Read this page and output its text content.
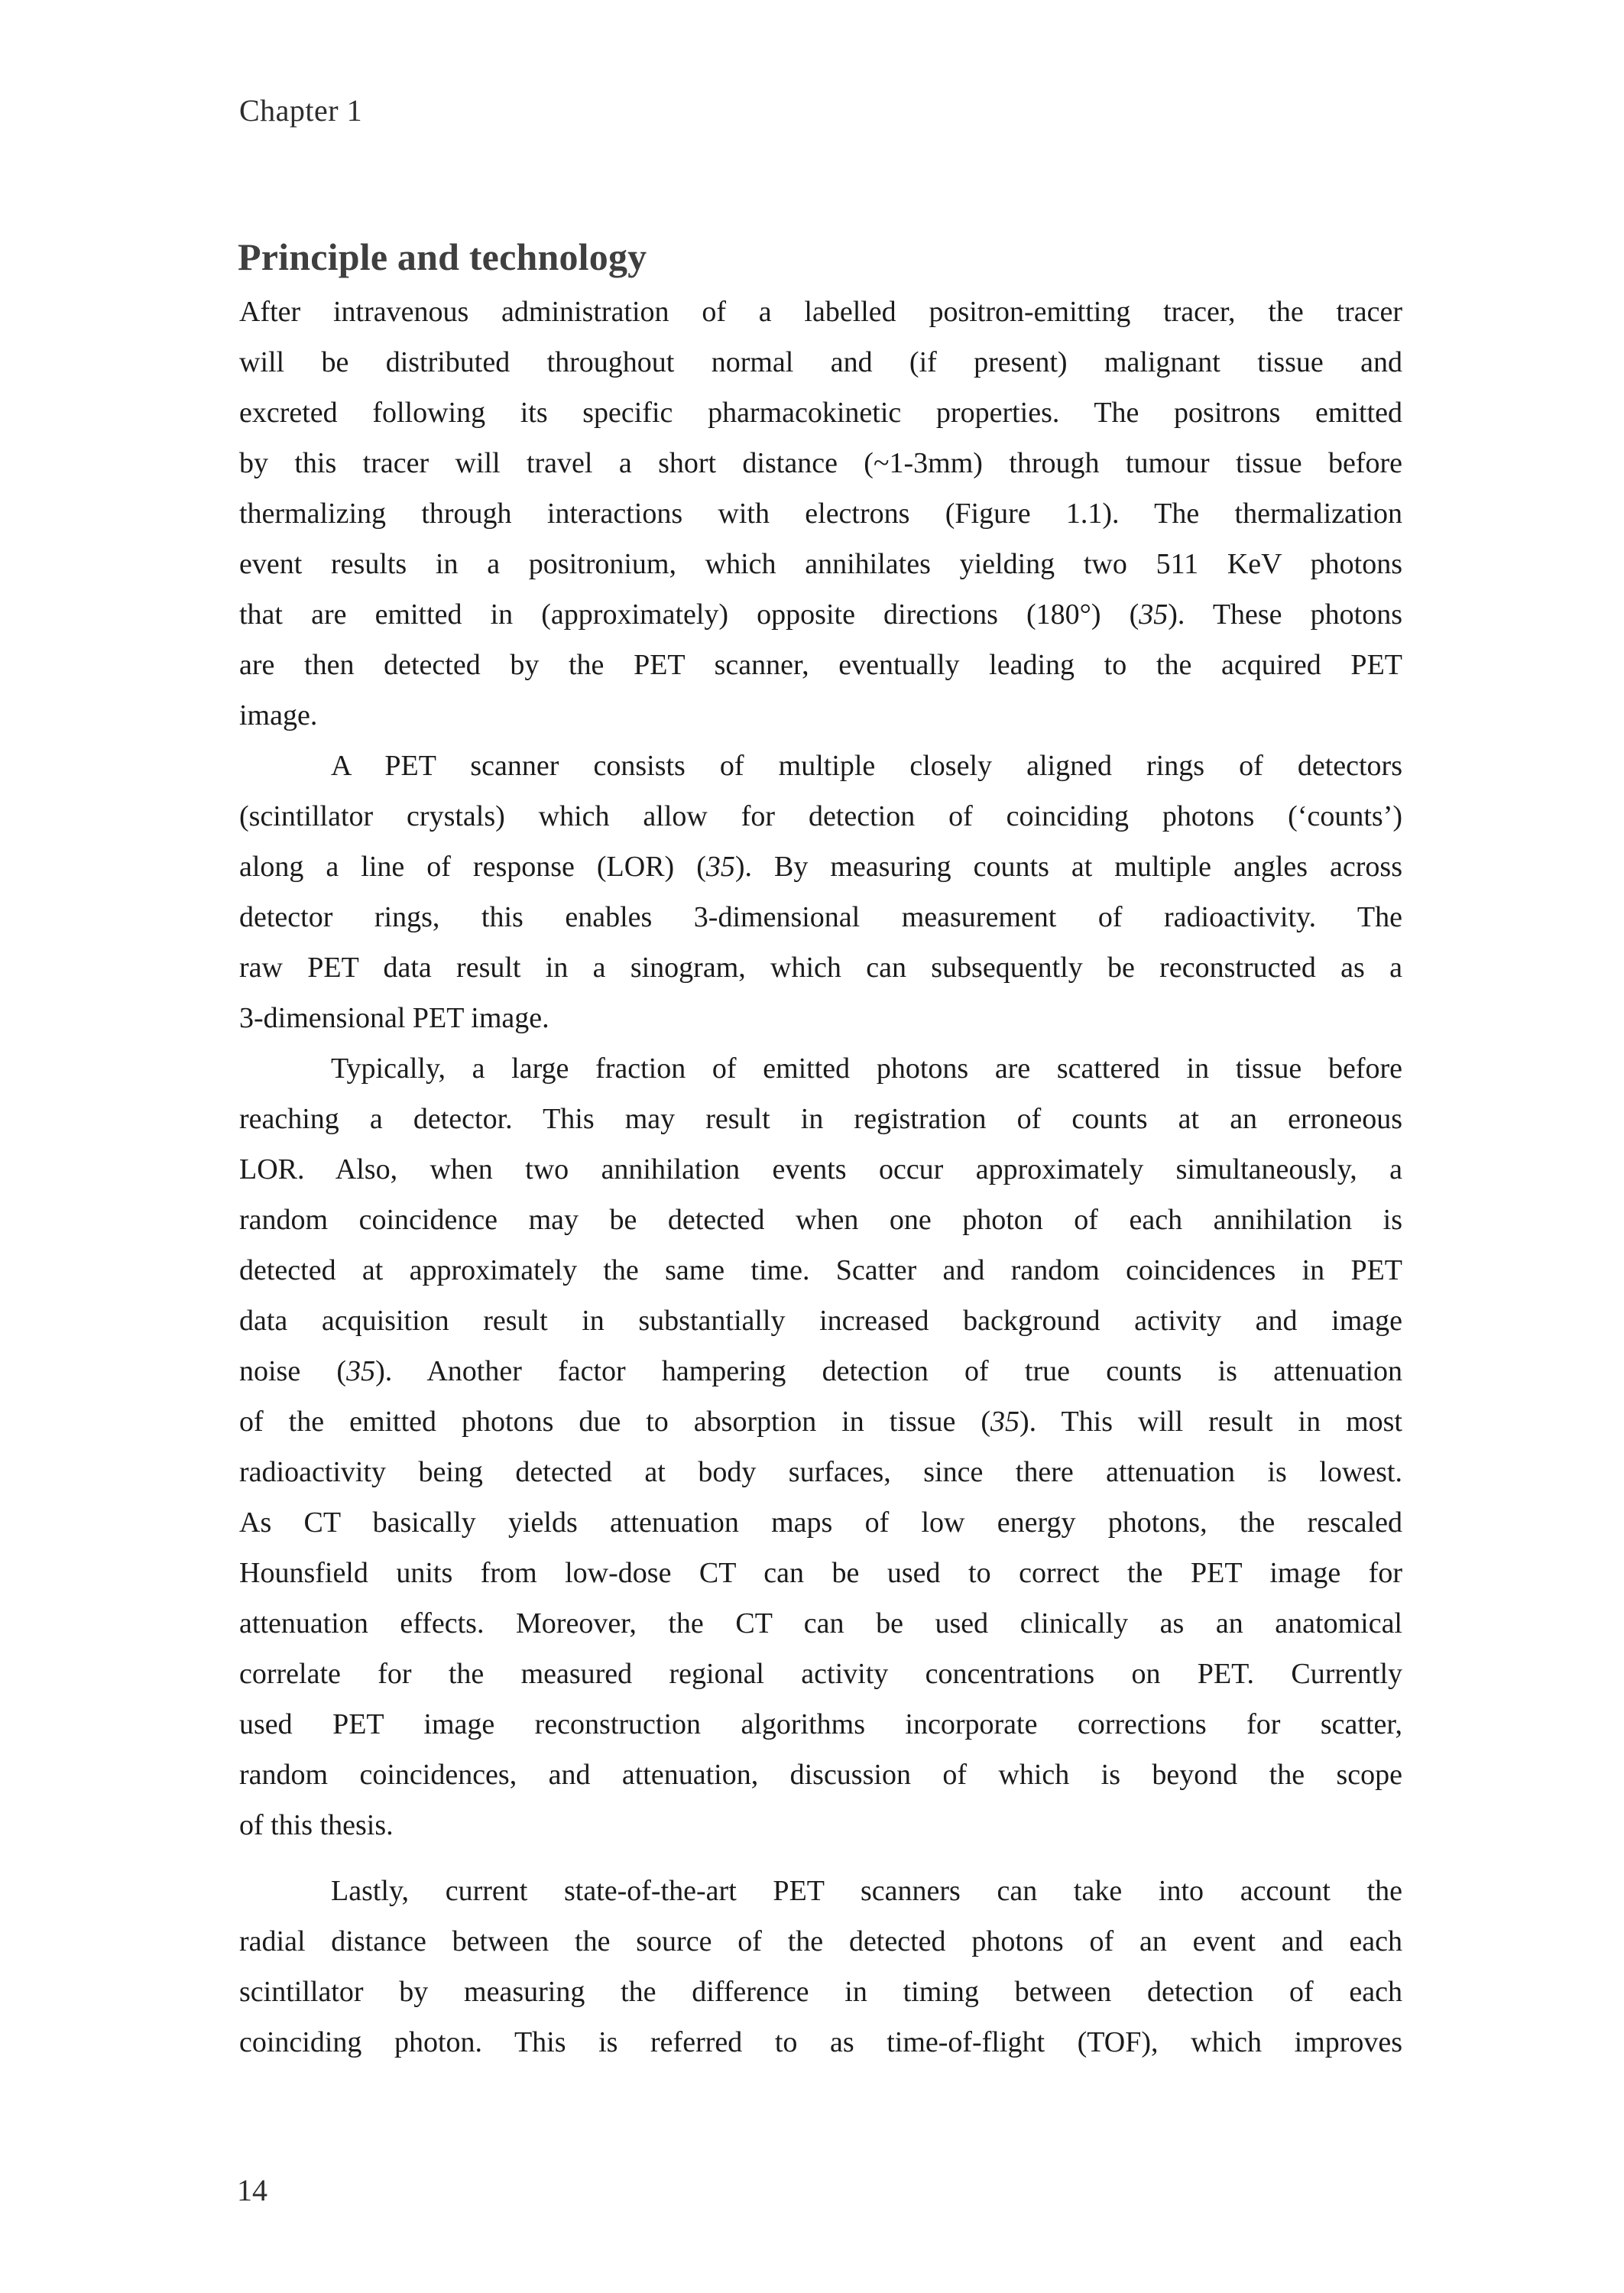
Chapter 1
Principle and technology
After intravenous administration of a labelled positron-emitting tracer, the tracer
will be distributed throughout normal and (if present) malignant tissue and
excreted following its specific pharmacokinetic properties. The positrons emitted
by this tracer will travel a short distance (~1-3mm) through tumour tissue before
thermalizing through interactions with electrons (Figure 1.1). The thermalization
event results in a positronium, which annihilates yielding two 511 KeV photons
that are emitted in (approximately) opposite directions (180°) (35). These photons
are then detected by the PET scanner, eventually leading to the acquired PET
image.
A PET scanner consists of multiple closely aligned rings of detectors
(scintillator crystals) which allow for detection of coinciding photons (‘counts’)
along a line of response (LOR) (35). By measuring counts at multiple angles across
detector rings, this enables 3-dimensional measurement of radioactivity. The
raw PET data result in a sinogram, which can subsequently be reconstructed as a
3-dimensional PET image.
Typically, a large fraction of emitted photons are scattered in tissue before
reaching a detector. This may result in registration of counts at an erroneous
LOR. Also, when two annihilation events occur approximately simultaneously, a
random coincidence may be detected when one photon of each annihilation is
detected at approximately the same time. Scatter and random coincidences in PET
data acquisition result in substantially increased background activity and image
noise (35). Another factor hampering detection of true counts is attenuation
of the emitted photons due to absorption in tissue (35). This will result in most
radioactivity being detected at body surfaces, since there attenuation is lowest.
As CT basically yields attenuation maps of low energy photons, the rescaled
Hounsfield units from low-dose CT can be used to correct the PET image for
attenuation effects. Moreover, the CT can be used clinically as an anatomical
correlate for the measured regional activity concentrations on PET. Currently
used PET image reconstruction algorithms incorporate corrections for scatter,
random coincidences, and attenuation, discussion of which is beyond the scope
of this thesis.
Lastly, current state-of-the-art PET scanners can take into account the
radial distance between the source of the detected photons of an event and each
scintillator by measuring the difference in timing between detection of each
coinciding photon. This is referred to as time-of-flight (TOF), which improves
14
